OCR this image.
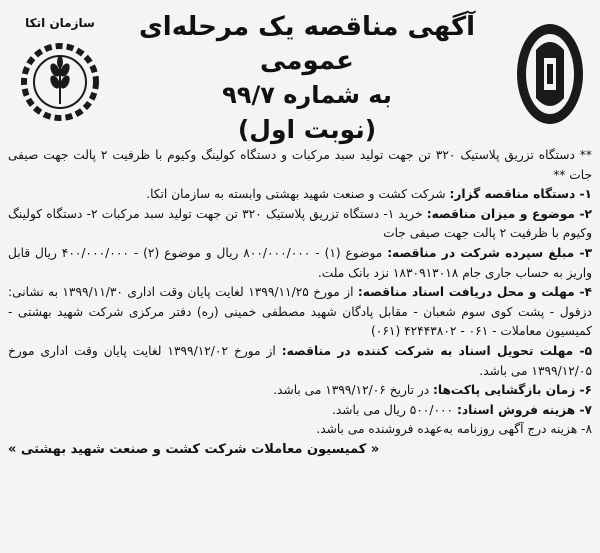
آگهی مناقصه یک مرحله‌ای عمومی
به شماره ۹۹/۷
(نوبت اول)
سازمان اتکا

** دستگاه تزریق پلاستیک ۳۲۰ تن جهت تولید سبد مرکبات و دستگاه کولینگ وکیوم با ظرفیت ۲ پالت جهت صیفی جات **

۱- دستگاه مناقصه گزار: شرکت کشت و صنعت شهید بهشتی وابسته به سازمان اتکا.

۲- موضوع و میزان مناقصه: خرید ۱- دستگاه تزریق پلاستیک ۳۲۰ تن جهت تولید سبد مرکبات ۲- دستگاه کولینگ وکیوم با ظرفیت ۲ پالت جهت صیفی جات

۳- مبلغ سپرده شرکت در مناقصه: موضوع (۱) - ۸۰۰/۰۰۰/۰۰۰ ریال و موضوع (۲) - ۴۰۰/۰۰۰/۰۰۰ ریال قابل واریز به حساب جاری جام ۱۸۳۰۹۱۳۰۱۸ نزد بانک ملت.

۴- مهلت و محل دریافت اسناد مناقصه: از مورخ ۱۳۹۹/۱۱/۲۵ لغایت پایان وقت اداری ۱۳۹۹/۱۱/۳۰ به نشانی: دزفول - پشت کوی سوم شعبان - مقابل پادگان شهید مصطفی خمینی (ره) دفتر مرکزی شرکت شهید بهشتی - کمیسیون معاملات - ۰۶۱ - ۴۲۴۴۳۸۰۲ (۰۶۱)

۵- مهلت تحویل اسناد به شرکت کننده در مناقصه: از مورخ ۱۳۹۹/۱۲/۰۲ لغایت پایان وقت اداری مورخ ۱۳۹۹/۱۲/۰۵ می باشد.

۶- زمان بازگشایی پاکت‌ها: در تاریخ ۱۳۹۹/۱۲/۰۶ می باشد.

۷- هزینه فروش اسناد: ۵۰۰/۰۰۰ ریال می باشد.

۸- هزینه درج آگهی روزنامه به‌عهده فروشنده می باشد.

« کمیسیون معاملات شرکت کشت و صنعت شهید بهشتی »
